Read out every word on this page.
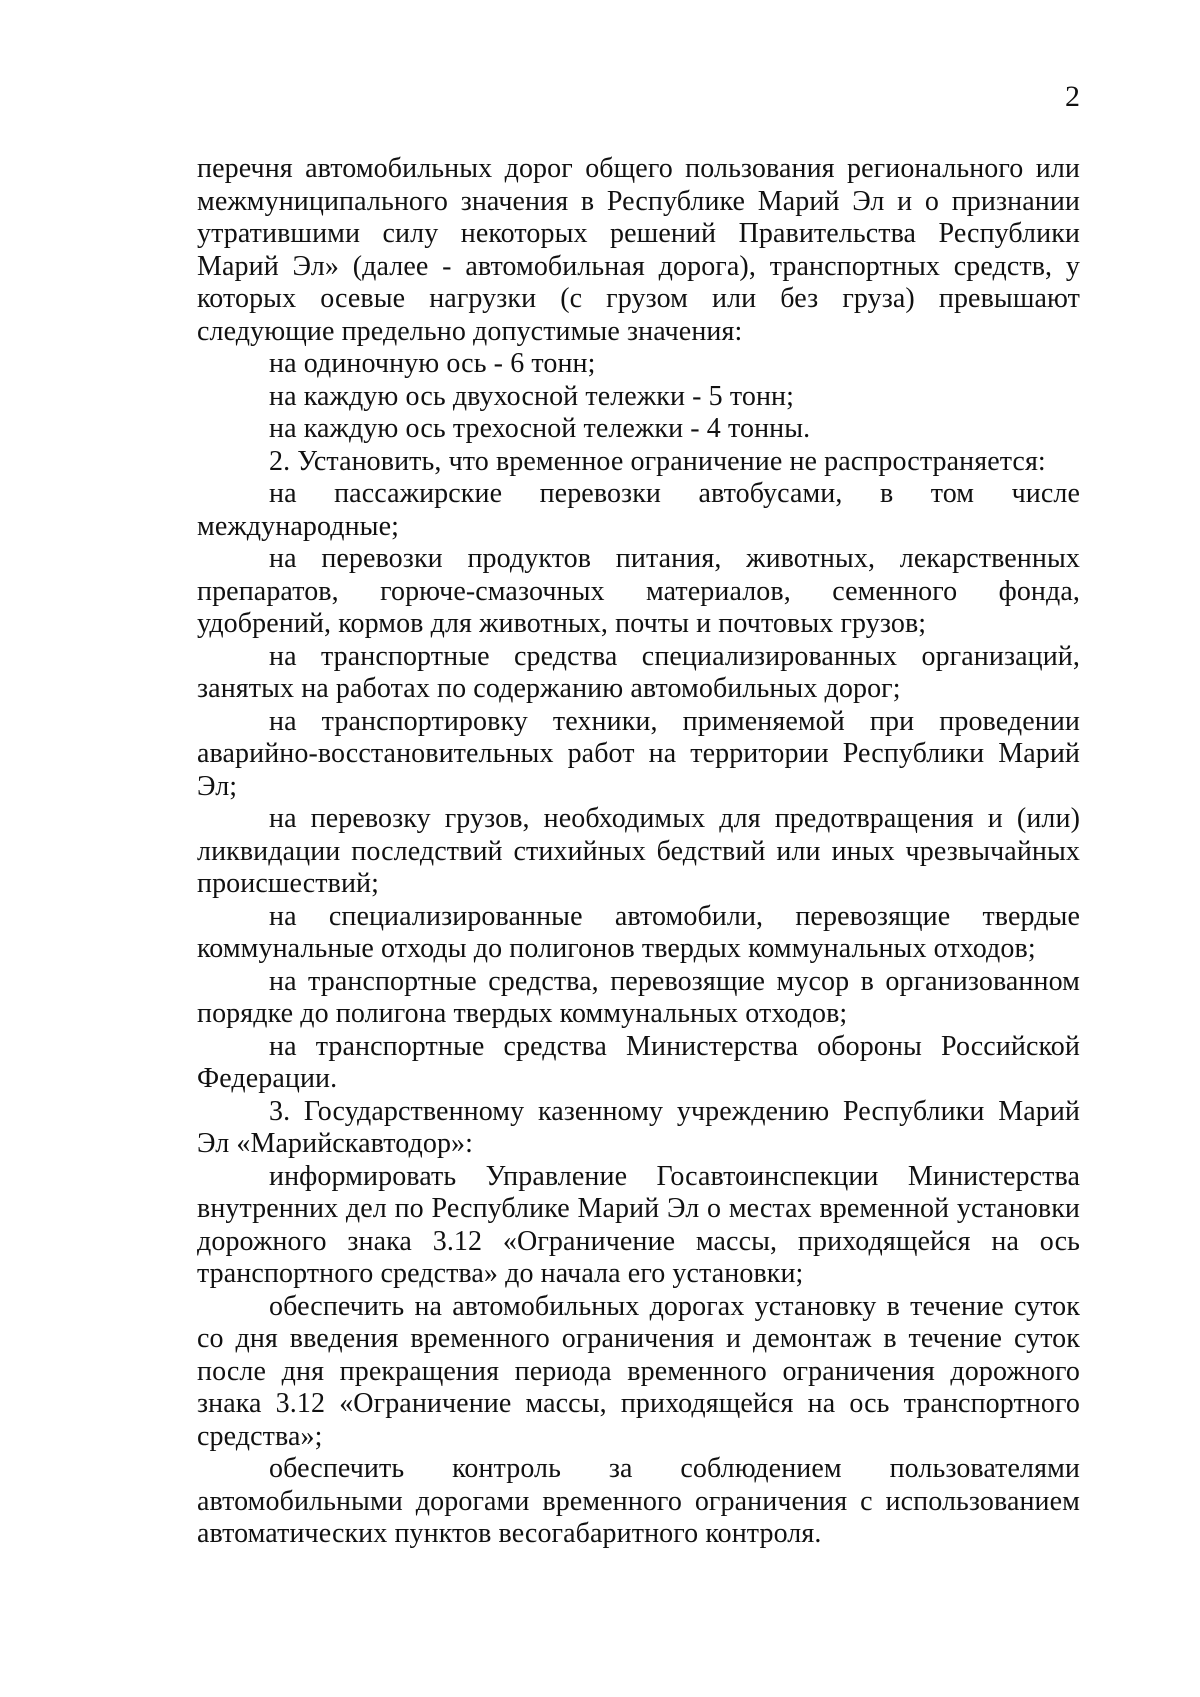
2

перечня автомобильных дорог общего пользования регионального или межмуниципального значения в Республике Марий Эл и о признании утратившими силу некоторых решений Правительства Республики Марий Эл» (далее - автомобильная дорога), транспортных средств, у которых осевые нагрузки (с грузом или без груза) превышают следующие предельно допустимые значения:

на одиночную ось - 6 тонн;

на каждую ось двухосной тележки - 5 тонн;

на каждую ось трехосной тележки - 4 тонны.

2. Установить, что временное ограничение не распространяется:

на пассажирские перевозки автобусами, в том числе международные;

на перевозки продуктов питания, животных, лекарственных препаратов, горюче-смазочных материалов, семенного фонда, удобрений, кормов для животных, почты и почтовых грузов;

на транспортные средства специализированных организаций, занятых на работах по содержанию автомобильных дорог;

на транспортировку техники, применяемой при проведении аварийно-восстановительных работ на территории Республики Марий Эл;

на перевозку грузов, необходимых для предотвращения и (или) ликвидации последствий стихийных бедствий или иных чрезвычайных происшествий;

на специализированные автомобили, перевозящие твердые коммунальные отходы до полигонов твердых коммунальных отходов;

на транспортные средства, перевозящие мусор в организованном порядке до полигона твердых коммунальных отходов;

на транспортные средства Министерства обороны Российской Федерации.

3. Государственному казенному учреждению Республики Марий Эл «Марийскавтодор»:

информировать Управление Госавтоинспекции Министерства внутренних дел по Республике Марий Эл о местах временной установки дорожного знака 3.12 «Ограничение массы, приходящейся на ось транспортного средства» до начала его установки;

обеспечить на автомобильных дорогах установку в течение суток со дня введения временного ограничения и демонтаж в течение суток после дня прекращения периода временного ограничения дорожного знака 3.12 «Ограничение массы, приходящейся на ось транспортного средства»;

обеспечить контроль за соблюдением пользователями автомобильными дорогами временного ограничения с использованием автоматических пунктов весогабаритного контроля.
